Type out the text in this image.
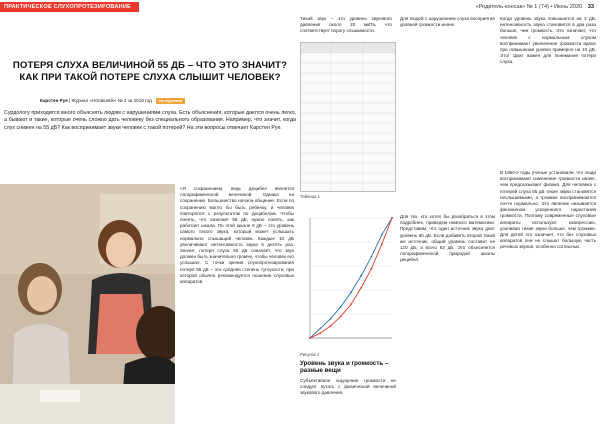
ПРАКТИЧЕСКОЕ СЛУХОПРОТЕЗИРОВАНИЕ	«Родитель-консак» № 1 (74) • Июнь 2020 33
ПОТЕРЯ СЛУХА ВЕЛИЧИНОЙ 55 ДБ – ЧТО ЭТО ЗНАЧИТ? КАК ПРИ ТАКОЙ ПОТЕРЕ СЛУХА СЛЫШИТ ЧЕЛОВЕК?
Карстен Руе | Журнал «Hörakustik» № 2 за 2019 год Из журнала
Сурдологу приходится много объяснять людям с нарушениями слуха. Есть объяснения, которые даются очень легко, а бывают и такие, которые очень сложно дать человеку без специального образования. Например, что значит, когда слух снижен на 55 дБ? Как воспринимает звуки человек с такой потерей? На эти вопросы отвечает Карстен Руе.
«Я сохранением, ведь децибел является логарифмической величиной. Однако на сохранение. Большинство начала общение. Если по сохранению могло бы быть ребенку, и человек повторялся с результатом по децибелам. Чтобы понять, что означает 55 дБ, нужно понять, как работает шкала. По этой шкале 0 дБ – это уровень самого тихого звука, который может услышать нормально слышащий человек. Каждые 10 дБ увеличивают интенсивность звука в десять раз. Значит, потеря слуха 55 дБ означает, что звук должен быть значительно громче, чтобы человек его услышал. С точки зрения слухопротезирования потеря 55 дБ – это средняя степень тугоухости, при которой обычно рекомендуется ношение слуховых аппаратов.
Тихий звук – это уровень звукового давления около 20 мкПа, что соответствует порогу слышимости.
Для людей с нарушением слуха восприятие уровней громкости иначе.
Когда уровень звука повышается на 3 дБ, интенсивность звука становится в два раза больше, чем громкость. Это означает, что человек с нормальным слухом воспринимает увеличение громкости вдвое при повышении уровня примерно на 10 дБ. Этот факт важен для понимания потери слуха.
В 1960-е годы ученые установили, что люди воспринимают изменение громкости иначе, чем предсказывает физика. Для человека с потерей слуха 55 дБ тихие звуки становятся неслышимыми, а громкие воспринимаются почти нормально. Это явление называется феноменом ускоренного нарастания громкости. Поэтому современные слуховые аппараты используют компрессию, усиливая тихие звуки больше, чем громкие. Для детей это означает, что без слуховых аппаратов они не слышат большую часть речевых звуков, особенно согласных.
Для тех, кто хотел бы разобраться в этом подробнее, приведем немного математики. Представим, что один источник звука дает уровень 60 дБ. Если добавить второй такой же источник, общий уровень составит не 120 дБ, а всего 63 дБ. Это объясняется логарифмической природой шкалы децибел.
Таблица 1
Рисунок 2
Уровень звука и громкость – разные вещи
Субъективное ощущение громкости не следует путать с физической величиной звукового давления.
